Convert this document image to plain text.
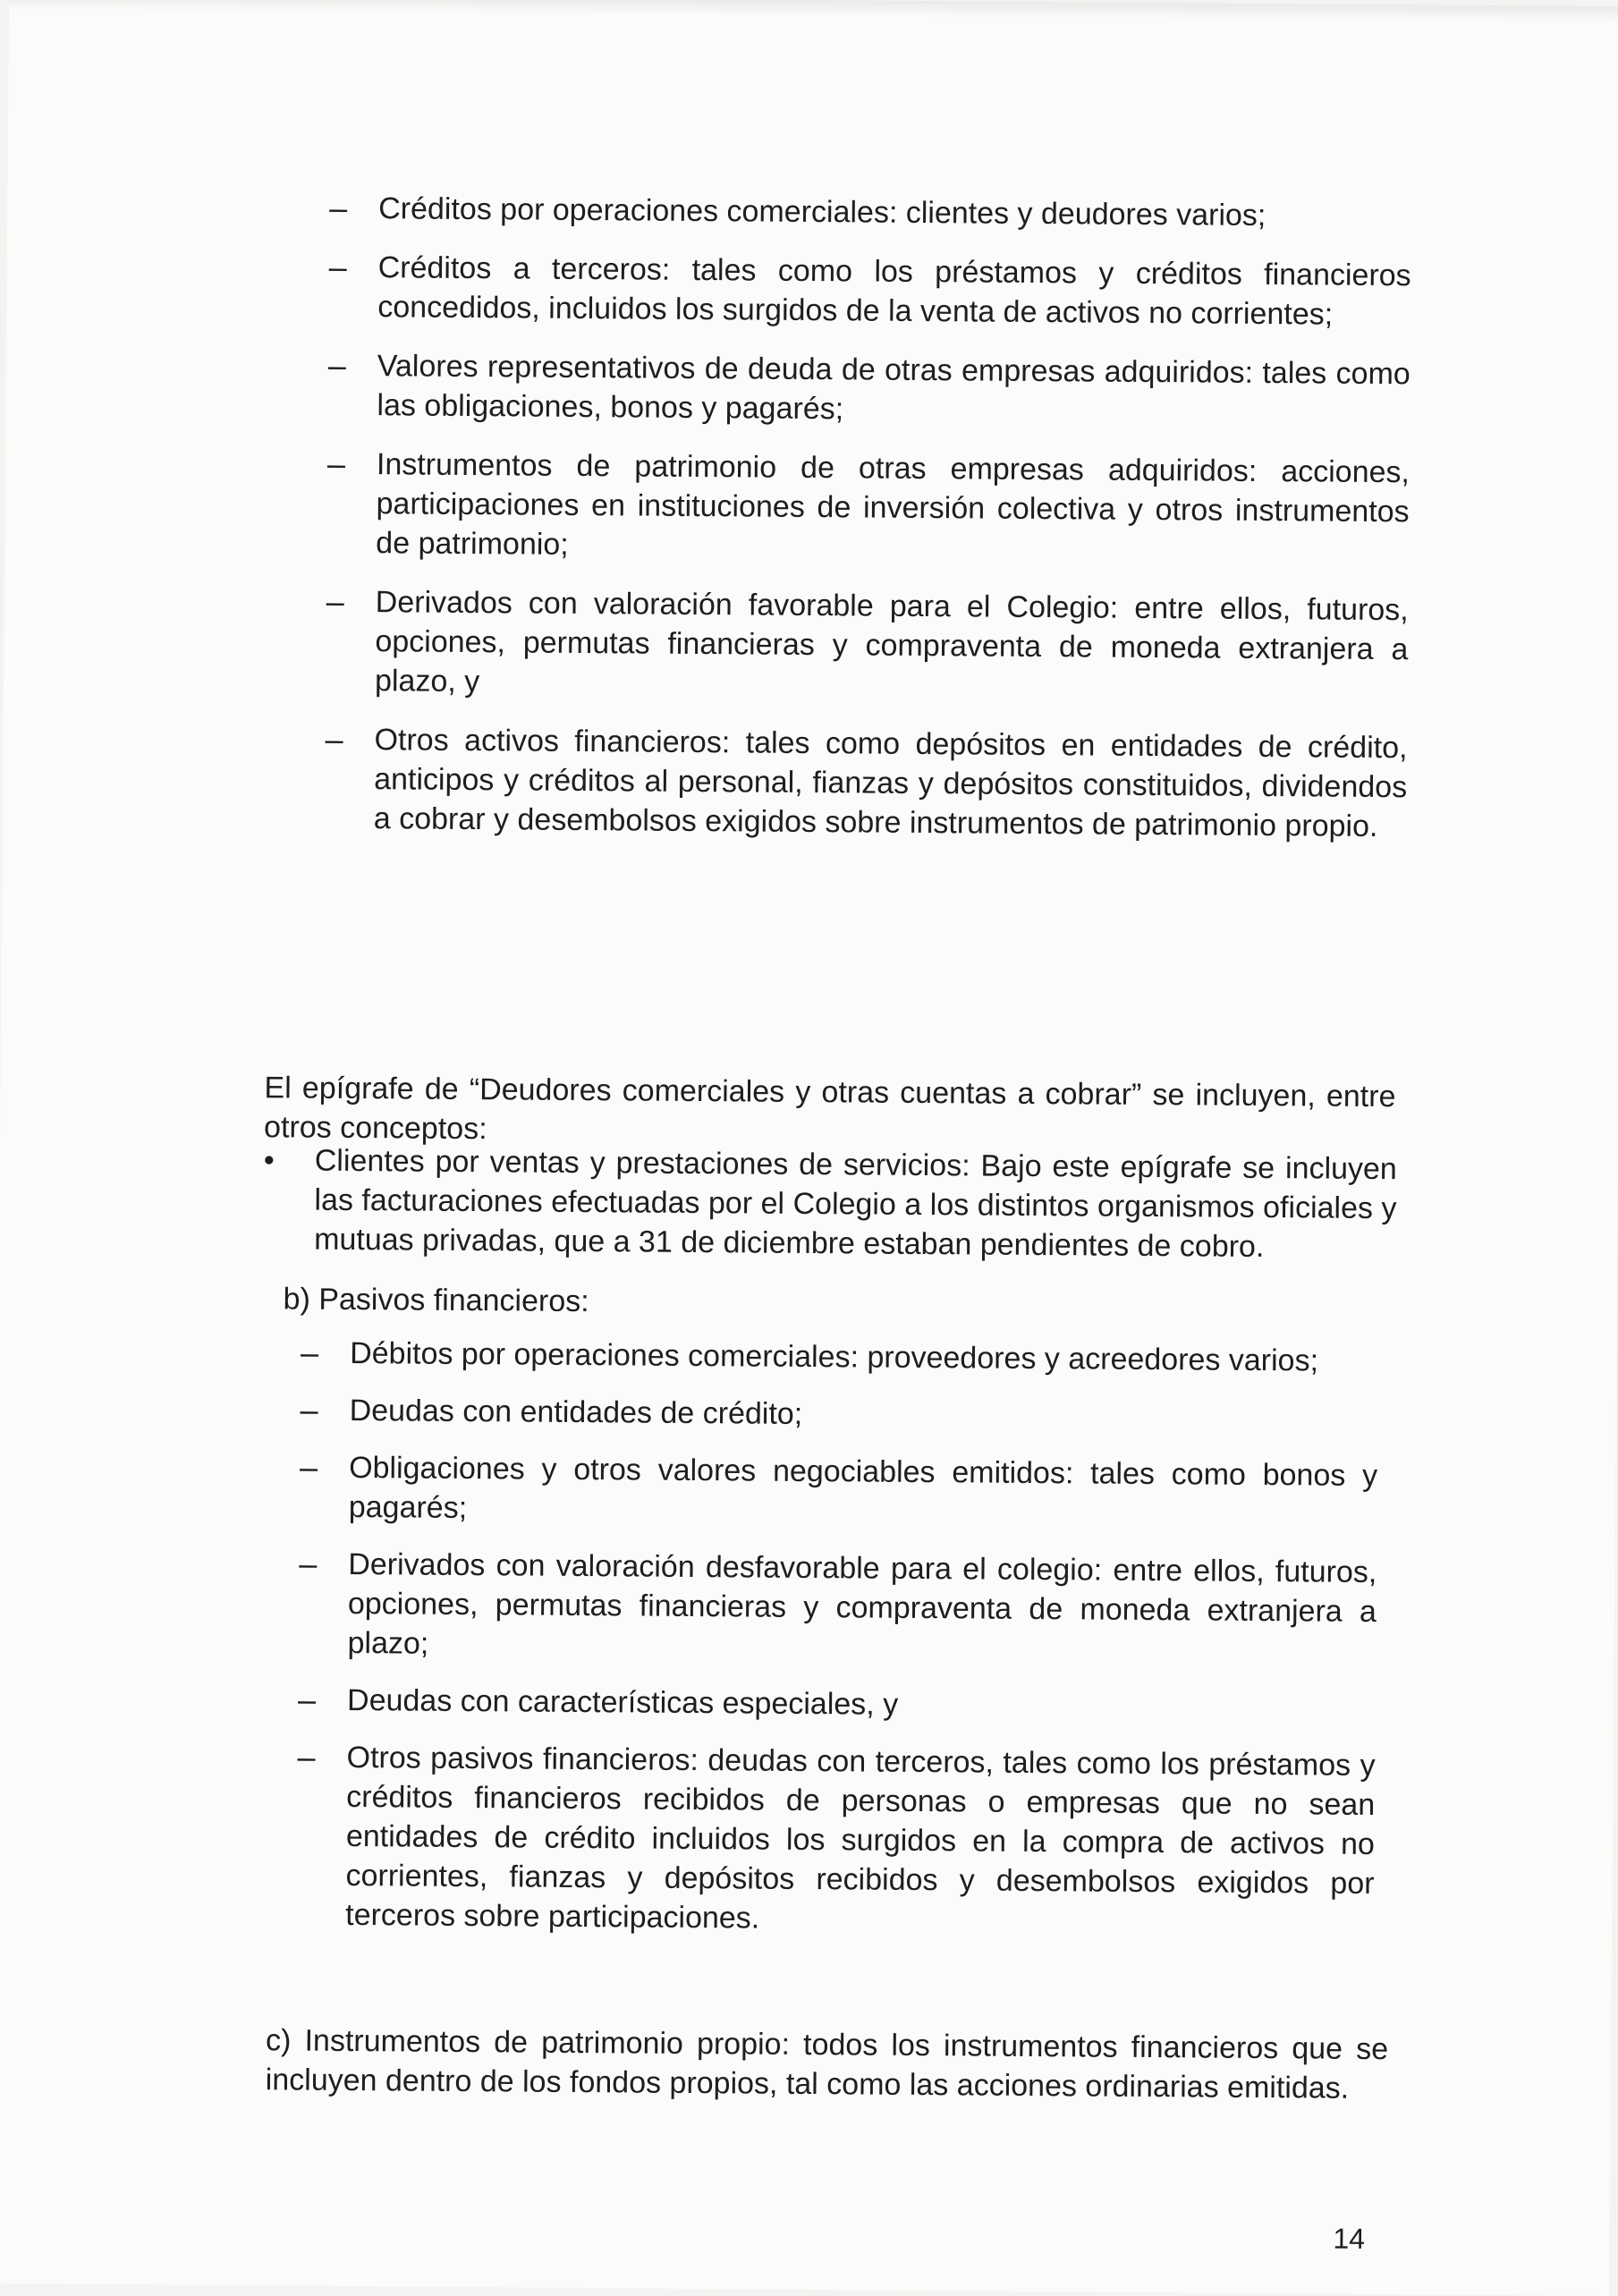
– Créditos por operaciones comerciales: clientes y deudores varios;
– Créditos a terceros: tales como los préstamos y créditos financieros concedidos, incluidos los surgidos de la venta de activos no corrientes;
– Valores representativos de deuda de otras empresas adquiridos: tales como las obligaciones, bonos y pagarés;
– Instrumentos de patrimonio de otras empresas adquiridos: acciones, participaciones en instituciones de inversión colectiva y otros instrumentos de patrimonio;
– Derivados con valoración favorable para el Colegio: entre ellos, futuros, opciones, permutas financieras y compraventa de moneda extranjera a plazo, y
– Otros activos financieros: tales como depósitos en entidades de crédito, anticipos y créditos al personal, fianzas y depósitos constituidos, dividendos a cobrar y desembolsos exigidos sobre instrumentos de patrimonio propio.

El epígrafe de “Deudores comerciales y otras cuentas a cobrar” se incluyen, entre otros conceptos:

• Clientes por ventas y prestaciones de servicios: Bajo este epígrafe se incluyen las facturaciones efectuadas por el Colegio a los distintos organismos oficiales y mutuas privadas, que a 31 de diciembre estaban pendientes de cobro.
b) Pasivos financieros:
– Débitos por operaciones comerciales: proveedores y acreedores varios;
– Deudas con entidades de crédito;
– Obligaciones y otros valores negociables emitidos: tales como bonos y pagarés;
– Derivados con valoración desfavorable para el colegio: entre ellos, futuros, opciones, permutas financieras y compraventa de moneda extranjera a plazo;
– Deudas con características especiales, y
– Otros pasivos financieros: deudas con terceros, tales como los préstamos y créditos financieros recibidos de personas o empresas que no sean entidades de crédito incluidos los surgidos en la compra de activos no corrientes, fianzas y depósitos recibidos y desembolsos exigidos por terceros sobre participaciones.

c) Instrumentos de patrimonio propio: todos los instrumentos financieros que se incluyen dentro de los fondos propios, tal como las acciones ordinarias emitidas.

14
